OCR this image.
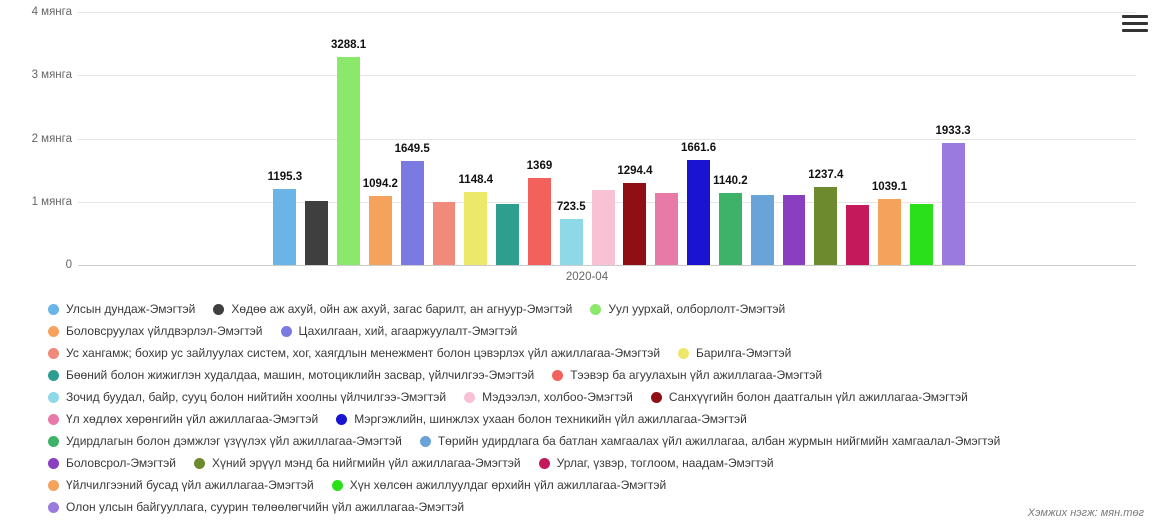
0
1 мянга
2 мянга
3 мянга
4 мянга
1195.3
3288.1
1094.2
1649.5
1148.4
1369
723.5
1294.4
1661.6
1140.2
1237.4
1039.1
1933.3
2020-04
Улсын дундаж-Эмэгтэй	Хөдөө аж ахуй, ойн аж ахуй, загас барилт, ан агнуур-Эмэгтэй	Уул уурхай, олборлолт-Эмэгтэй
Боловсруулах үйлдвэрлэл-Эмэгтэй	Цахилгаан, хий, агааржуулалт-Эмэгтэй
Ус хангамж; бохир ус зайлуулах систем, хог, хаягдлын менежмент болон цэвэрлэх үйл ажиллагаа-Эмэгтэй	Барилга-Эмэгтэй
Бөөний болон жижиглэн худалдаа, машин, мотоциклийн засвар, үйлчилгээ-Эмэгтэй	Тээвэр ба агуулахын үйл ажиллагаа-Эмэгтэй
Зочид буудал, байр, сууц болон нийтийн хоолны үйлчилгээ-Эмэгтэй	Мэдээлэл, холбоо-Эмэгтэй	Санхүүгийн болон даатгалын үйл ажиллагаа-Эмэгтэй
Үл хөдлөх хөрөнгийн үйл ажиллагаа-Эмэгтэй	Мэргэжлийн, шинжлэх ухаан болон техникийн үйл ажиллагаа-Эмэгтэй
Удирдлагын болон дэмжлэг үзүүлэх үйл ажиллагаа-Эмэгтэй	Төрийн удирдлага ба батлан хамгаалах үйл ажиллагаа, албан журмын нийгмийн хамгаалал-Эмэгтэй
Боловсрол-Эмэгтэй	Хүний эрүүл мэнд ба нийгмийн үйл ажиллагаа-Эмэгтэй	Урлаг, үзвэр, тоглоом, наадам-Эмэгтэй
Үйлчилгээний бусад үйл ажиллагаа-Эмэгтэй	Хүн хөлсөн ажиллуулдаг өрхийн үйл ажиллагаа-Эмэгтэй
Олон улсын байгууллага, суурин төлөөлөгчийн үйл ажиллагаа-Эмэгтэй	Хэмжих нэгж: мян.төг
